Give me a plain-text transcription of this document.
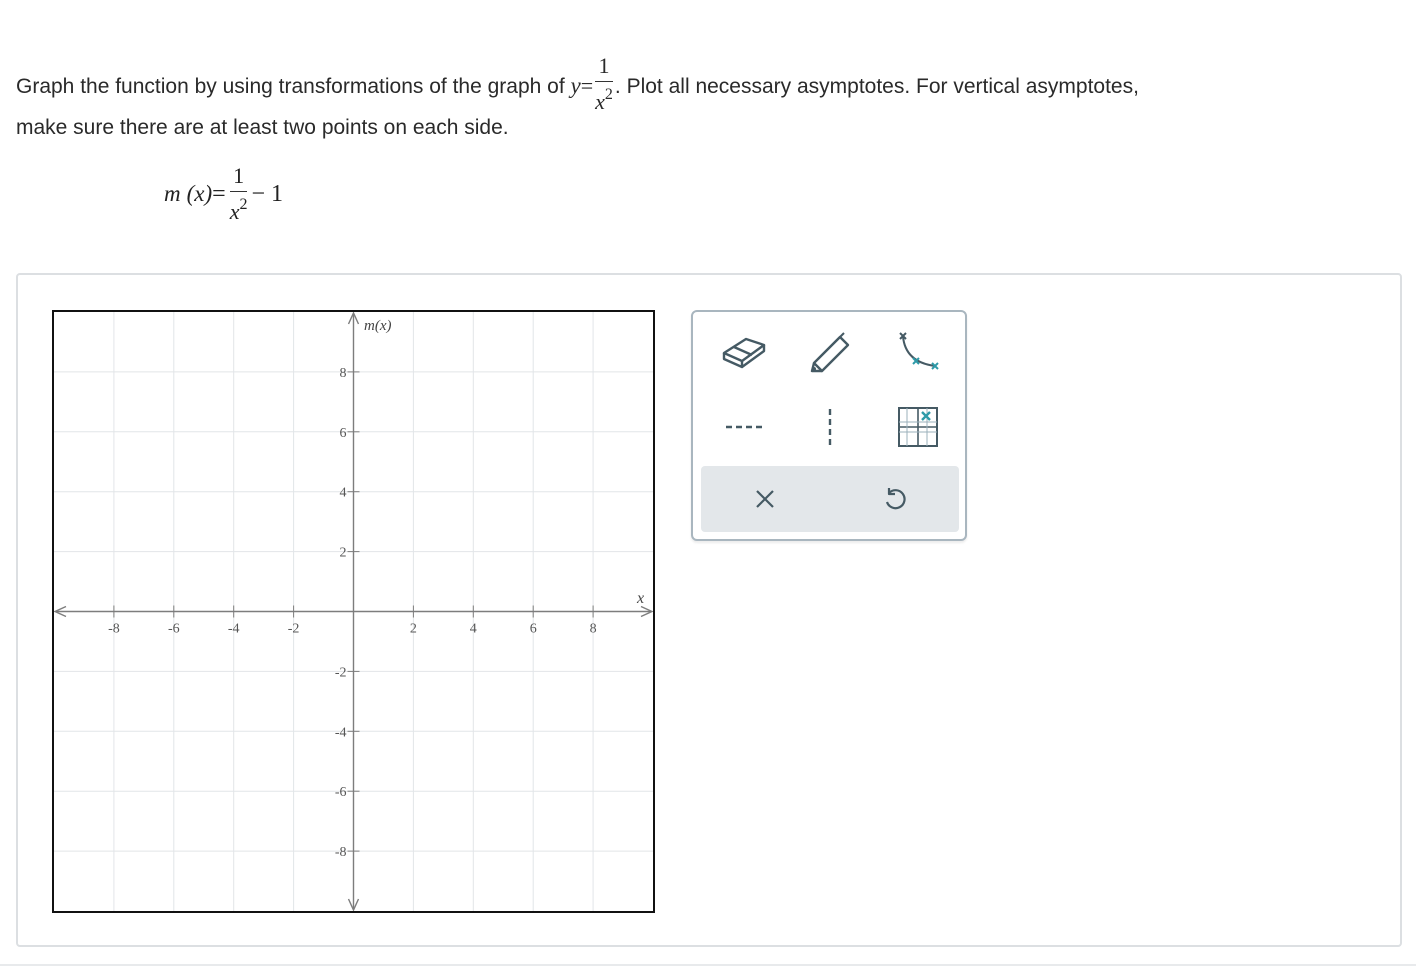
Graph the function by using transformations of the graph of $y= \frac{1}{x^2}$ . Plot all necessary asymptotes. For vertical asymptotes,
make sure there are at least two points on each side.
m $(x)= \frac{1}{x^2} - 1$
-8	-6	-4	-2	2	4	6	8
8
6
4
2
-2
-4
-6
-8
m(x)
x
